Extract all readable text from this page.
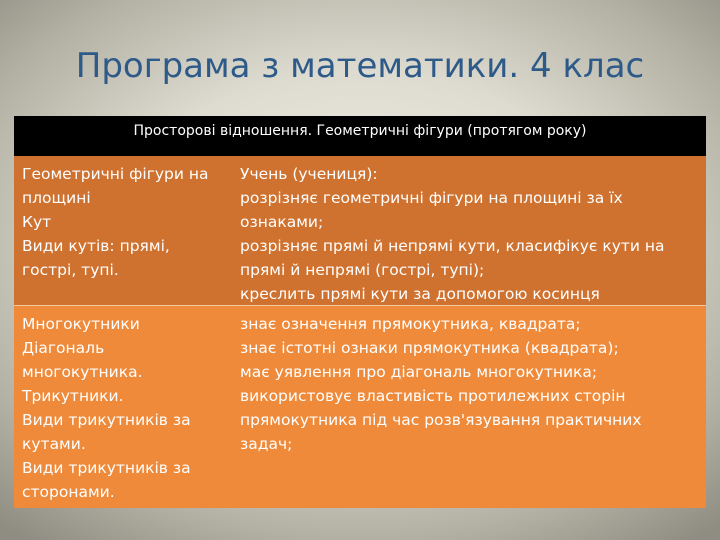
Програма з математики. 4 клас
Просторові відношення. Геометричні фігури (протягом року)
Геометричні фігури на
площині
Кут
Види кутів: прямі,
гострі, тупі.
Учень (учениця):
розрізняє геометричні фігури на площині за їх
ознаками;
розрізняє прямі й непрямі кути, класифікує кути на
прямі й непрямі (гострі, тупі);
креслить прямі кути за допомогою косинця
Многокутники
Діагональ
многокутника.
Трикутники.
Види трикутників за
кутами.
Види трикутників за
сторонами.
знає означення прямокутника, квадрата;
знає істотні ознаки прямокутника (квадрата);
має уявлення про діагональ многокутника;
використовує властивість протилежних сторін
прямокутника під час розв'язування практичних
задач;
